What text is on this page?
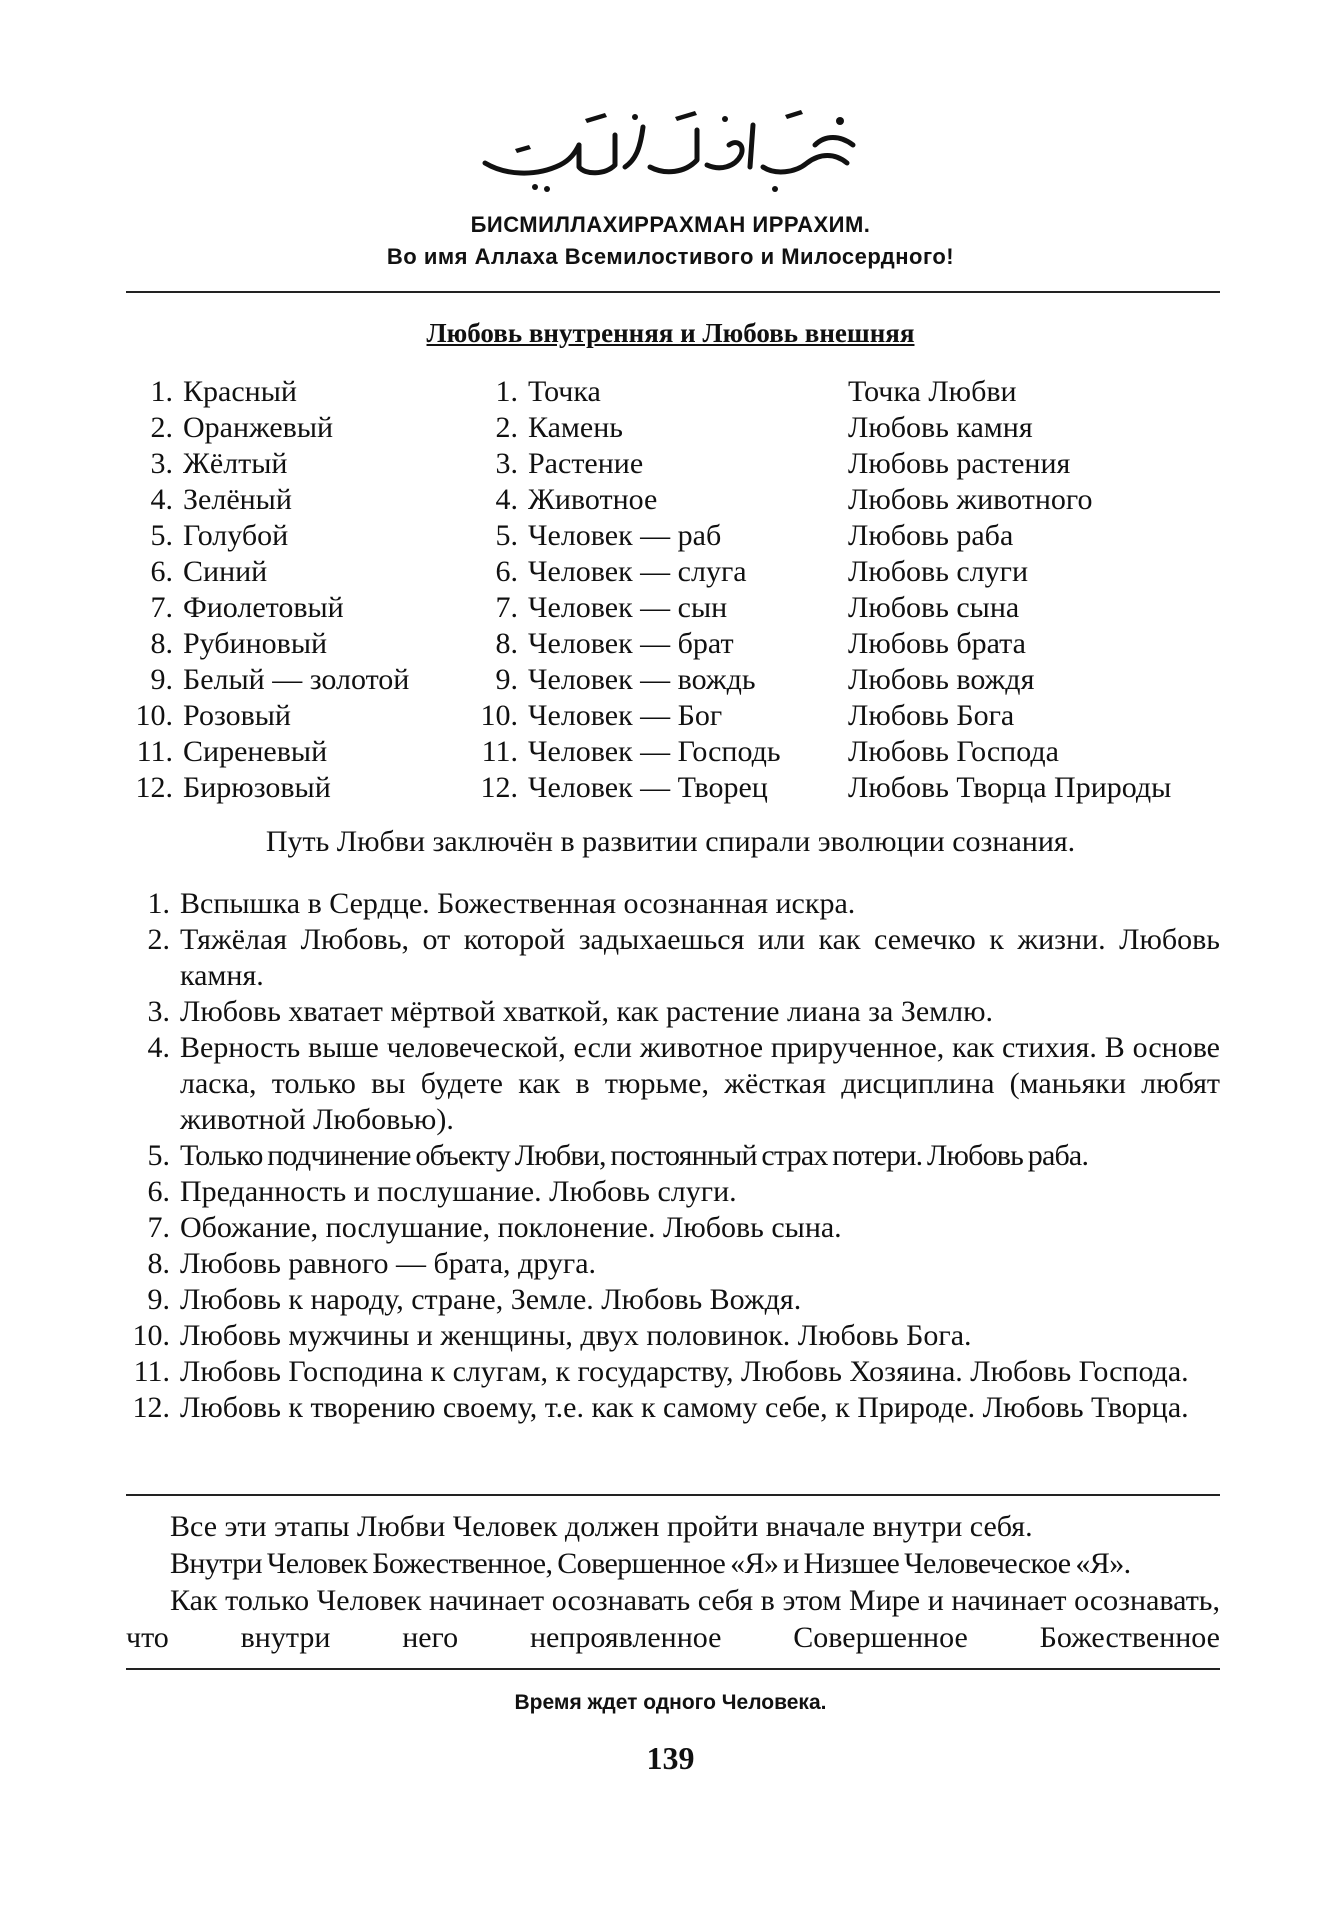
БИСМИЛЛАХИРРАХМАН ИРРАХИМ.
Во имя Аллаха Всемилостивого и Милосердного!
Любовь внутренняя и Любовь внешняя
1. Красный
2. Оранжевый
3. Жёлтый
4. Зелёный
5. Голубой
6. Синий
7. Фиолетовый
8. Рубиновый
9. Белый — золотой
10. Розовый
11. Сиреневый
12. Бирюзовый
1. Точка
2. Камень
3. Растение
4. Животное
5. Человек — раб
6. Человек — слуга
7. Человек — сын
8. Человек — брат
9. Человек — вождь
10. Человек — Бог
11. Человек — Господь
12. Человек — Творец
Точка Любви
Любовь камня
Любовь растения
Любовь животного
Любовь раба
Любовь слуги
Любовь сына
Любовь брата
Любовь вождя
Любовь Бога
Любовь Господа
Любовь Творца Природы
Путь Любви заключён в развитии спирали эволюции сознания.
1. Вспышка в Сердце. Божественная осознанная искра.
2. Тяжёлая Любовь, от которой задыхаешься или как семечко к жизни. Любовь камня.
3. Любовь хватает мёртвой хваткой, как растение лиана за Землю.
4. Верность выше человеческой, если животное прирученное, как стихия. В основе ласка, только вы будете как в тюрьме, жёсткая дисциплина (маньяки любят животной Любовью).
5. Только подчинение объекту Любви, постоянный страх потери. Любовь раба.
6. Преданность и послушание. Любовь слуги.
7. Обожание, послушание, поклонение. Любовь сына.
8. Любовь равного — брата, друга.
9. Любовь к народу, стране, Земле. Любовь Вождя.
10. Любовь мужчины и женщины, двух половинок. Любовь Бога.
11. Любовь Господина к слугам, к государству, Любовь Хозяина. Любовь Господа.
12. Любовь к творению своему, т.е. как к самому себе, к Природе. Любовь Творца.

Все эти этапы Любви Человек должен пройти вначале внутри себя.

Внутри Человек Божественное, Совершенное «Я» и Низшее Человеческое «Я».

Как только Человек начинает осознавать себя в этом Мире и начинает осознавать, что внутри него непроявленное Совершенное Божественное

Время ждет одного Человека.
139
